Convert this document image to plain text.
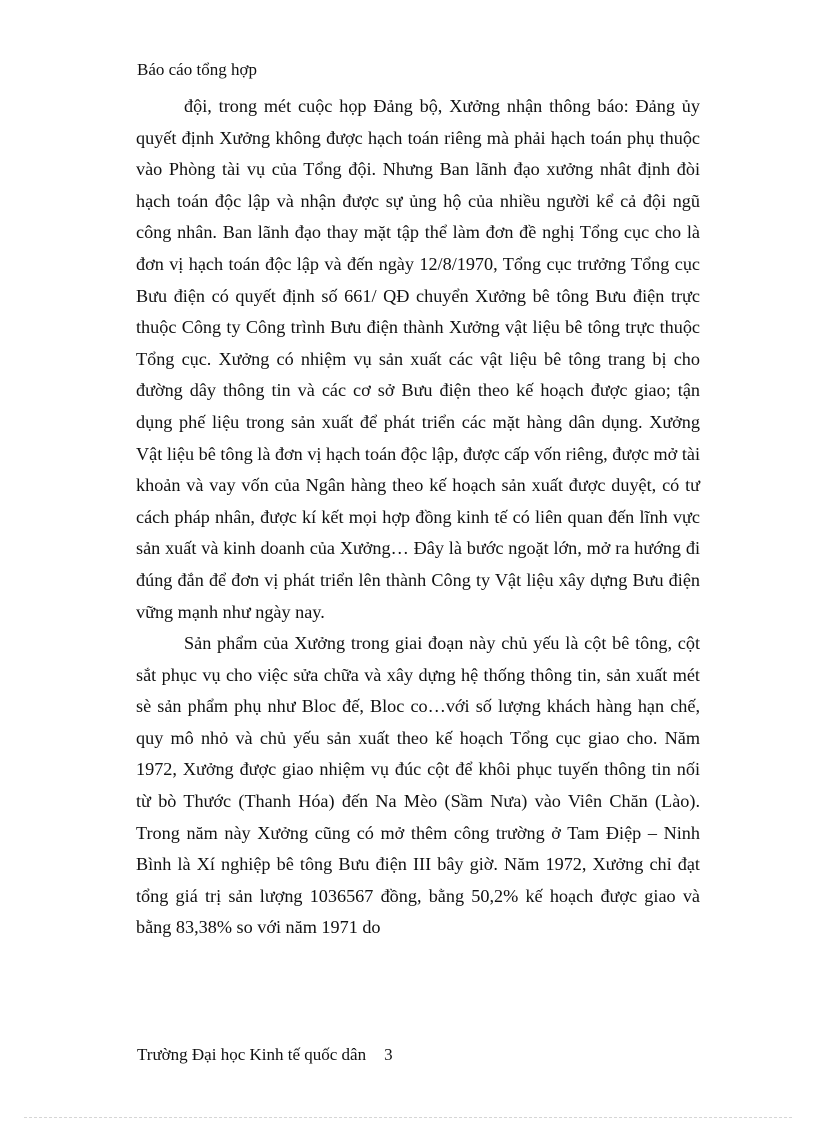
Báo cáo tổng hợp

đội, trong mét cuộc họp Đảng bộ, Xưởng nhận thông báo: Đảng ủy quyết định Xưởng không được hạch toán riêng mà phải hạch toán phụ thuộc vào Phòng tài vụ của Tổng đội. Nhưng Ban lãnh đạo xưởng nhât định đòi hạch toán độc lập và nhận được sự ủng hộ của nhiều người kể cả đội ngũ công nhân. Ban lãnh đạo thay mặt tập thể làm đơn đề nghị Tổng cục cho là đơn vị hạch toán độc lập và đến ngày 12/8/1970, Tổng cục trưởng Tổng cục Bưu điện có quyết định số 661/ QĐ chuyển Xưởng bê tông Bưu điện trực thuộc Công ty Công trình Bưu điện thành Xưởng vật liệu bê tông trực thuộc Tổng cục. Xưởng có nhiệm vụ sản xuất các vật liệu bê tông trang bị cho đường dây thông tin và các cơ sở Bưu điện theo kế hoạch được giao; tận dụng phế liệu trong sản xuất để phát triển các mặt hàng dân dụng. Xưởng Vật liệu bê tông là đơn vị hạch toán độc lập, được cấp vốn riêng, được mở tài khoản và vay vốn của Ngân hàng theo kế hoạch sản xuất được duyệt, có tư cách pháp nhân, được kí kết mọi hợp đồng kinh tế có liên quan đến lĩnh vực sản xuất và kinh doanh của Xưởng… Đây là bước ngoặt lớn, mở ra hướng đi đúng đắn để đơn vị phát triển lên thành Công ty Vật liệu xây dựng Bưu điện vững mạnh như ngày nay.

Sản phẩm của Xưởng trong giai đoạn này chủ yếu là cột bê tông, cột sắt phục vụ cho việc sửa chữa và xây dựng hệ thống thông tin, sản xuất mét sè sản phẩm phụ như Bloc đế, Bloc co…với số lượng khách hàng hạn chế, quy mô nhỏ và chủ yếu sản xuất theo kế hoạch Tổng cục giao cho. Năm 1972, Xưởng được giao nhiệm vụ đúc cột để khôi phục tuyến thông tin nối từ bò Thước (Thanh Hóa) đến Na Mèo (Sầm Nưa) vào Viên Chăn (Lào). Trong năm này Xưởng cũng có mở thêm công trường ở Tam Điệp – Ninh Bình là Xí nghiệp bê tông Bưu điện III bây giờ. Năm 1972, Xưởng chỉ đạt tổng giá trị sản lượng 1036567 đồng, bằng 50,2% kế hoạch được giao và bằng 83,38% so với năm 1971 do

Trường Đại học Kinh tế quốc dân 3
